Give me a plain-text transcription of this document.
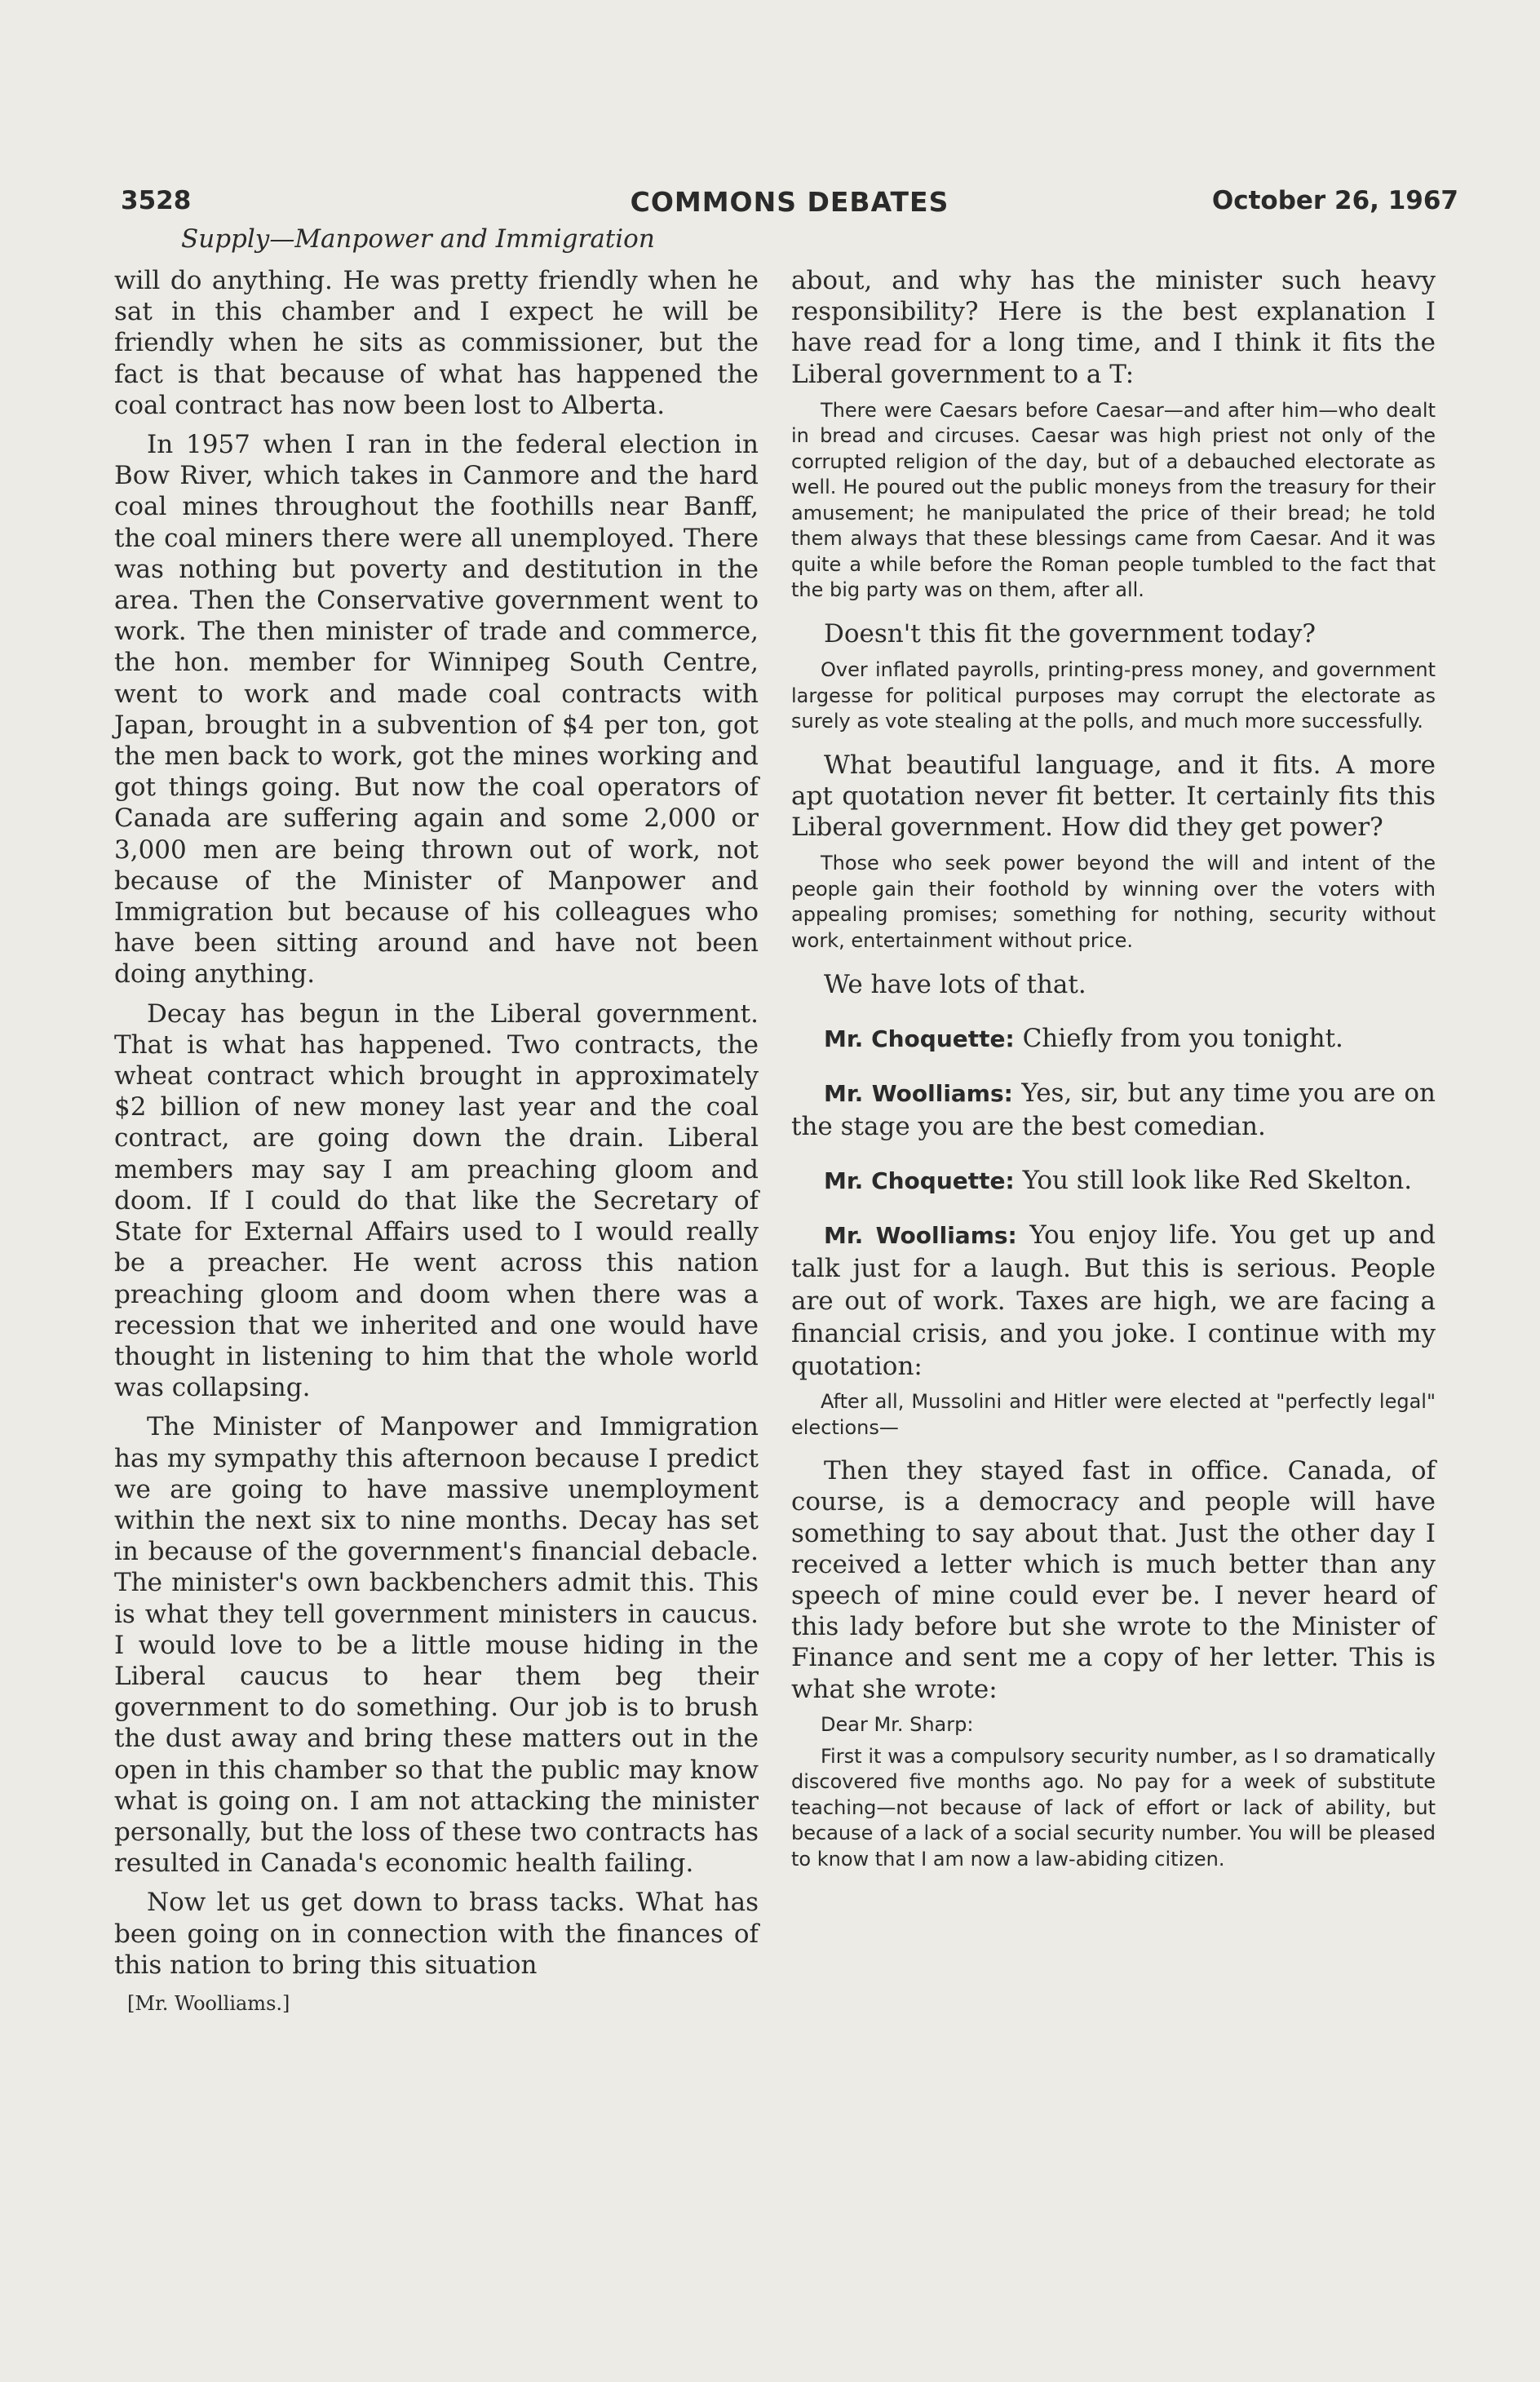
3528	COMMONS DEBATES	October 26, 1967
Supply—Manpower and Immigration

will do anything. He was pretty friendly when he sat in this chamber and I expect he will be friendly when he sits as commissioner, but the fact is that because of what has happened the coal contract has now been lost to Alberta.

In 1957 when I ran in the federal election in Bow River, which takes in Canmore and the hard coal mines throughout the foothills near Banff, the coal miners there were all unemployed. There was nothing but poverty and destitution in the area. Then the Conservative government went to work. The then minister of trade and commerce, the hon. member for Winnipeg South Centre, went to work and made coal contracts with Japan, brought in a subvention of $4 per ton, got the men back to work, got the mines working and got things going. But now the coal operators of Canada are suffering again and some 2,000 or 3,000 men are being thrown out of work, not because of the Minister of Manpower and Immigration but because of his colleagues who have been sitting around and have not been doing anything.

Decay has begun in the Liberal government. That is what has happened. Two contracts, the wheat contract which brought in approximately $2 billion of new money last year and the coal contract, are going down the drain. Liberal members may say I am preaching gloom and doom. If I could do that like the Secretary of State for External Affairs used to I would really be a preacher. He went across this nation preaching gloom and doom when there was a recession that we inherited and one would have thought in listening to him that the whole world was collapsing.

The Minister of Manpower and Immigration has my sympathy this afternoon because I predict we are going to have massive unemployment within the next six to nine months. Decay has set in because of the government's financial debacle. The minister's own backbenchers admit this. This is what they tell government ministers in caucus. I would love to be a little mouse hiding in the Liberal caucus to hear them beg their government to do something. Our job is to brush the dust away and bring these matters out in the open in this chamber so that the public may know what is going on. I am not attacking the minister personally, but the loss of these two contracts has resulted in Canada's economic health failing.

Now let us get down to brass tacks. What has been going on in connection with the finances of this nation to bring this situation

[Mr. Woolliams.]

about, and why has the minister such heavy responsibility? Here is the best explanation I have read for a long time, and I think it fits the Liberal government to a T:

There were Caesars before Caesar—and after him—who dealt in bread and circuses. Caesar was high priest not only of the corrupted religion of the day, but of a debauched electorate as well. He poured out the public moneys from the treasury for their amusement; he manipulated the price of their bread; he told them always that these blessings came from Caesar. And it was quite a while before the Roman people tumbled to the fact that the big party was on them, after all.

Doesn't this fit the government today?

Over inflated payrolls, printing-press money, and government largesse for political purposes may corrupt the electorate as surely as vote stealing at the polls, and much more successfully.

What beautiful language, and it fits. A more apt quotation never fit better. It certainly fits this Liberal government. How did they get power?

Those who seek power beyond the will and intent of the people gain their foothold by winning over the voters with appealing promises; something for nothing, security without work, entertainment without price.

We have lots of that.

Mr. Choquette: Chiefly from you tonight.

Mr. Woolliams: Yes, sir, but any time you are on the stage you are the best comedian.

Mr. Choquette: You still look like Red Skelton.

Mr. Woolliams: You enjoy life. You get up and talk just for a laugh. But this is serious. People are out of work. Taxes are high, we are facing a financial crisis, and you joke. I continue with my quotation:

After all, Mussolini and Hitler were elected at "perfectly legal" elections—

Then they stayed fast in office. Canada, of course, is a democracy and people will have something to say about that. Just the other day I received a letter which is much better than any speech of mine could ever be. I never heard of this lady before but she wrote to the Minister of Finance and sent me a copy of her letter. This is what she wrote:

Dear Mr. Sharp:

First it was a compulsory security number, as I so dramatically discovered five months ago. No pay for a week of substitute teaching—not because of lack of effort or lack of ability, but because of a lack of a social security number. You will be pleased to know that I am now a law-abiding citizen.
